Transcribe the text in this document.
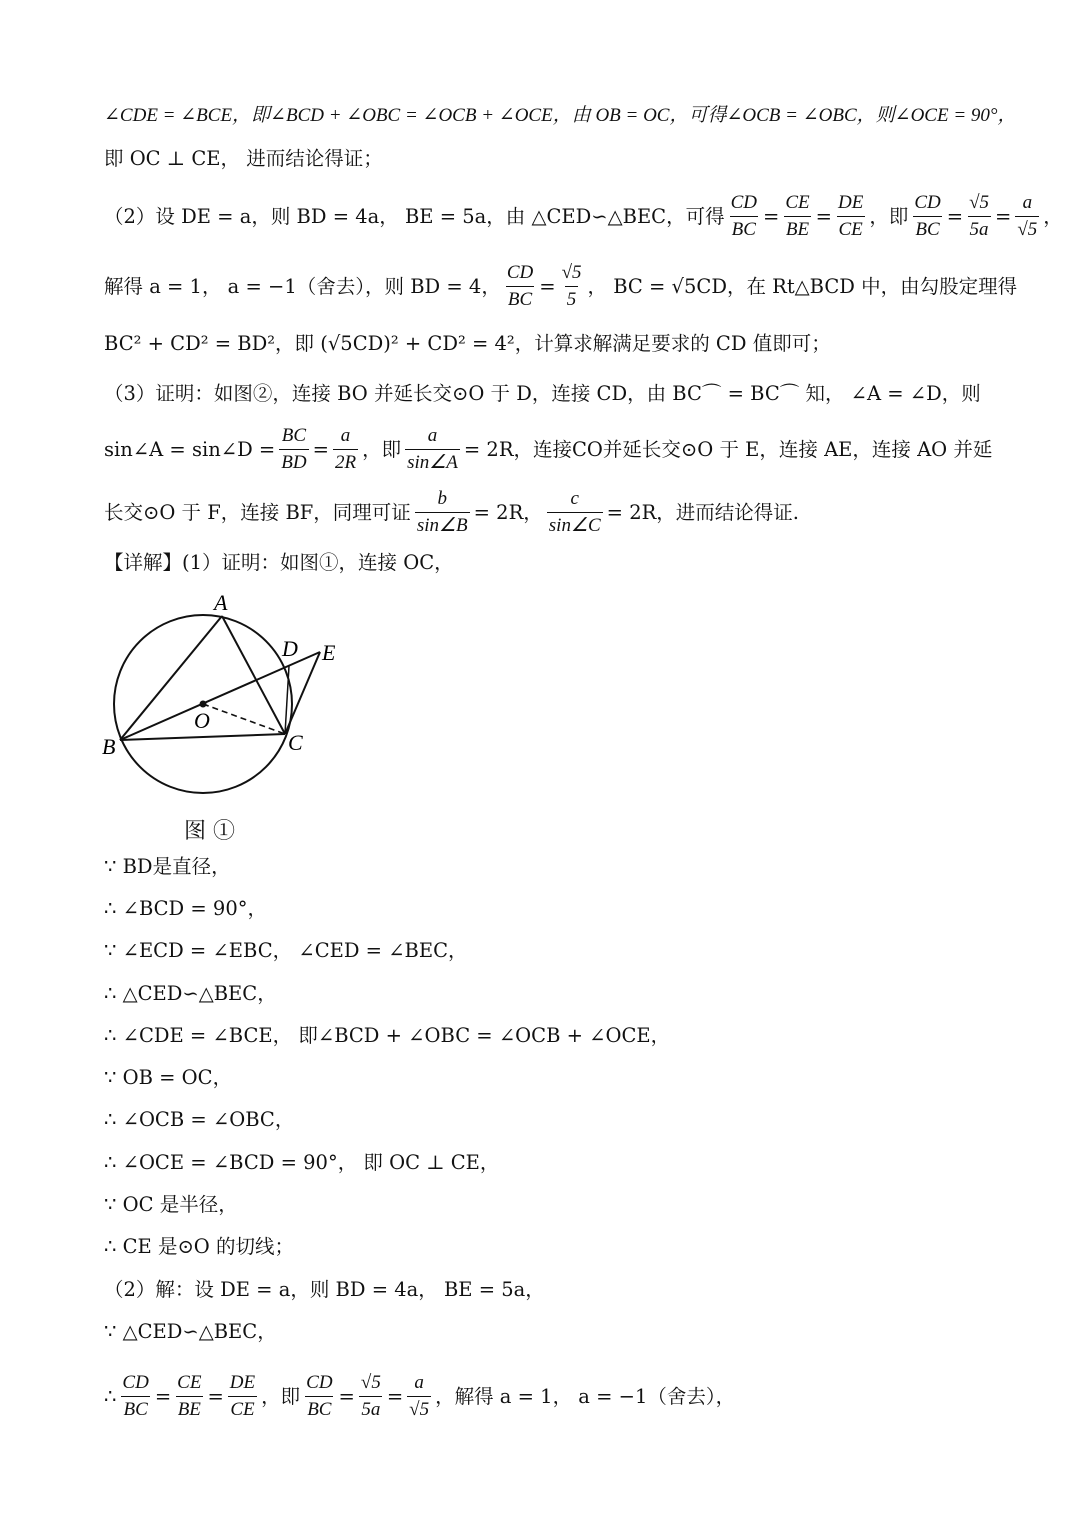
∠CDE = ∠BCE，即∠BCD + ∠OBC = ∠OCB + ∠OCE，由 OB = OC，可得∠OCB = ∠OBC，则∠OCE = 90°，
即 OC ⊥ CE， 进而结论得证；
（2）设 DE = a，则 BD = 4a， BE = 5a，由 △CED∽△BEC，可得 $\frac{CD}{BC} = \frac{CE}{BE} = \frac{DE}{CE}$ ，即 $\frac{CD}{BC} = \frac{√5}{5a} = \frac{a}{√5}$ ，
解得 a = 1， a = −1（舍去），则 BD = 4， $\frac{CD}{BC} = \frac{√5}{5}$ ， BC = √5CD，在 Rt△BCD 中，由勾股定理得
BC² + CD² = BD²，即 (√5CD)² + CD² = 4²，计算求解满足要求的 CD 值即可；
（3）证明：如图②，连接 BO 并延长交⊙O 于 D，连接 CD，由 BC⌒ = BC⌒ 知， ∠A = ∠D，则
sin∠A = sin∠D = $\frac{BC}{BD} = \frac{a}{2R}$ ，即 $\frac{a}{\sin\angle A} = 2R$，连接CO并延长交⊙O 于 E，连接 AE，连接 AO 并延
长交⊙O 于 F，连接 BF，同理可证 $\frac{b}{\sin\angle B} = 2R$， $\frac{c}{\sin\angle C} = 2R$，进而结论得证.
【详解】(1）证明：如图①，连接 OC，
A
B	C
D E
O
图 ①
∵ BD是直径，
∴ ∠BCD = 90°，
∵ ∠ECD = ∠EBC， ∠CED = ∠BEC，
∴ △CED∽△BEC，
∴ ∠CDE = ∠BCE， 即∠BCD + ∠OBC = ∠OCB + ∠OCE，
∵ OB = OC，
∴ ∠OCB = ∠OBC，
∴ ∠OCE = ∠BCD = 90°， 即 OC ⊥ CE，
∵ OC 是半径，
∴ CE 是⊙O 的切线；
（2）解：设 DE = a，则 BD = 4a， BE = 5a，
∵ △CED∽△BEC，
∴ $\frac{CD}{BC} = \frac{CE}{BE} = \frac{DE}{CE}$ ，即 $\frac{CD}{BC} = \frac{√5}{5a} = \frac{a}{√5}$ ，解得 a = 1， a = −1（舍去），
